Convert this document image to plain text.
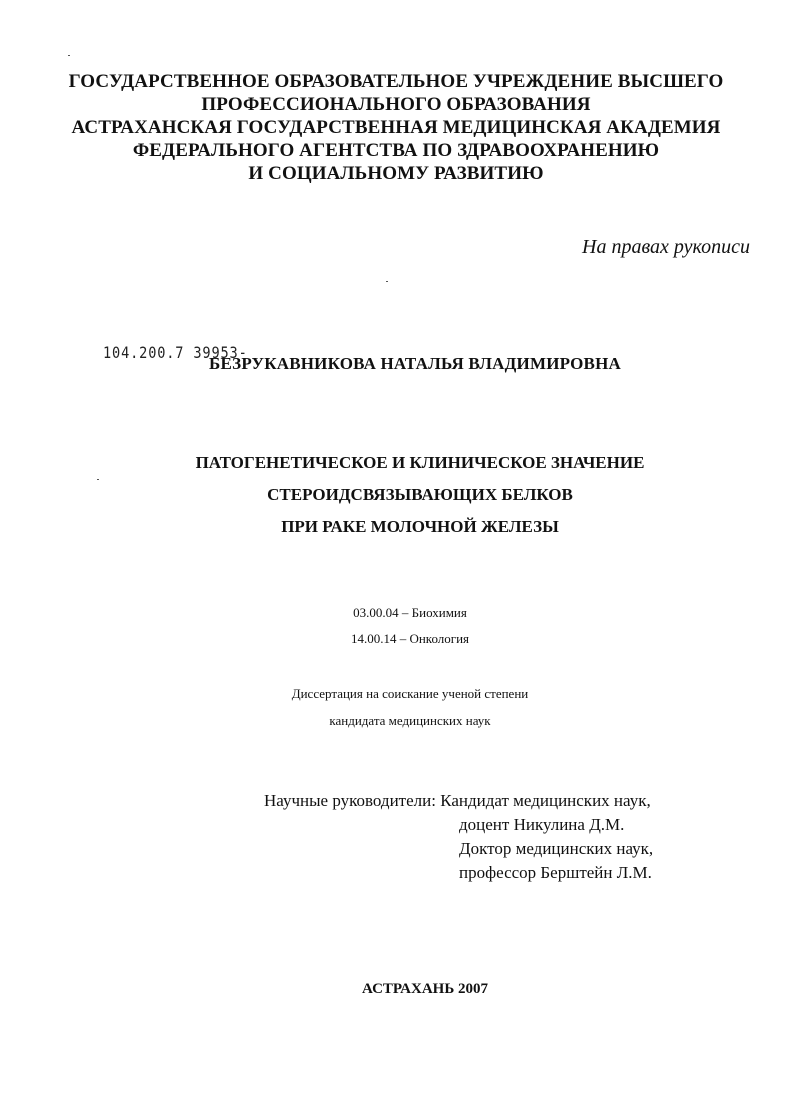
ГОСУДАРСТВЕННОЕ ОБРАЗОВАТЕЛЬНОЕ УЧРЕЖДЕНИЕ ВЫСШЕГО
ПРОФЕССИОНАЛЬНОГО ОБРАЗОВАНИЯ
АСТРАХАНСКАЯ ГОСУДАРСТВЕННАЯ МЕДИЦИНСКАЯ АКАДЕМИЯ
ФЕДЕРАЛЬНОГО АГЕНТСТВА ПО ЗДРАВООХРАНЕНИЮ
И СОЦИАЛЬНОМУ РАЗВИТИЮ
На правах рукописи
104.200.7 39953-
БЕЗРУКАВНИКОВА НАТАЛЬЯ ВЛАДИМИРОВНА
ПАТОГЕНЕТИЧЕСКОЕ И КЛИНИЧЕСКОЕ ЗНАЧЕНИЕ
СТЕРОИДСВЯЗЫВАЮЩИХ БЕЛКОВ
ПРИ РАКЕ МОЛОЧНОЙ ЖЕЛЕЗЫ
03.00.04 – Биохимия
14.00.14 – Онкология
Диссертация на соискание ученой степени
кандидата медицинских наук
Научные руководители: Кандидат медицинских наук,
доцент Никулина Д.М.
Доктор медицинских наук,
профессор Берштейн Л.М.
АСТРАХАНЬ 2007
